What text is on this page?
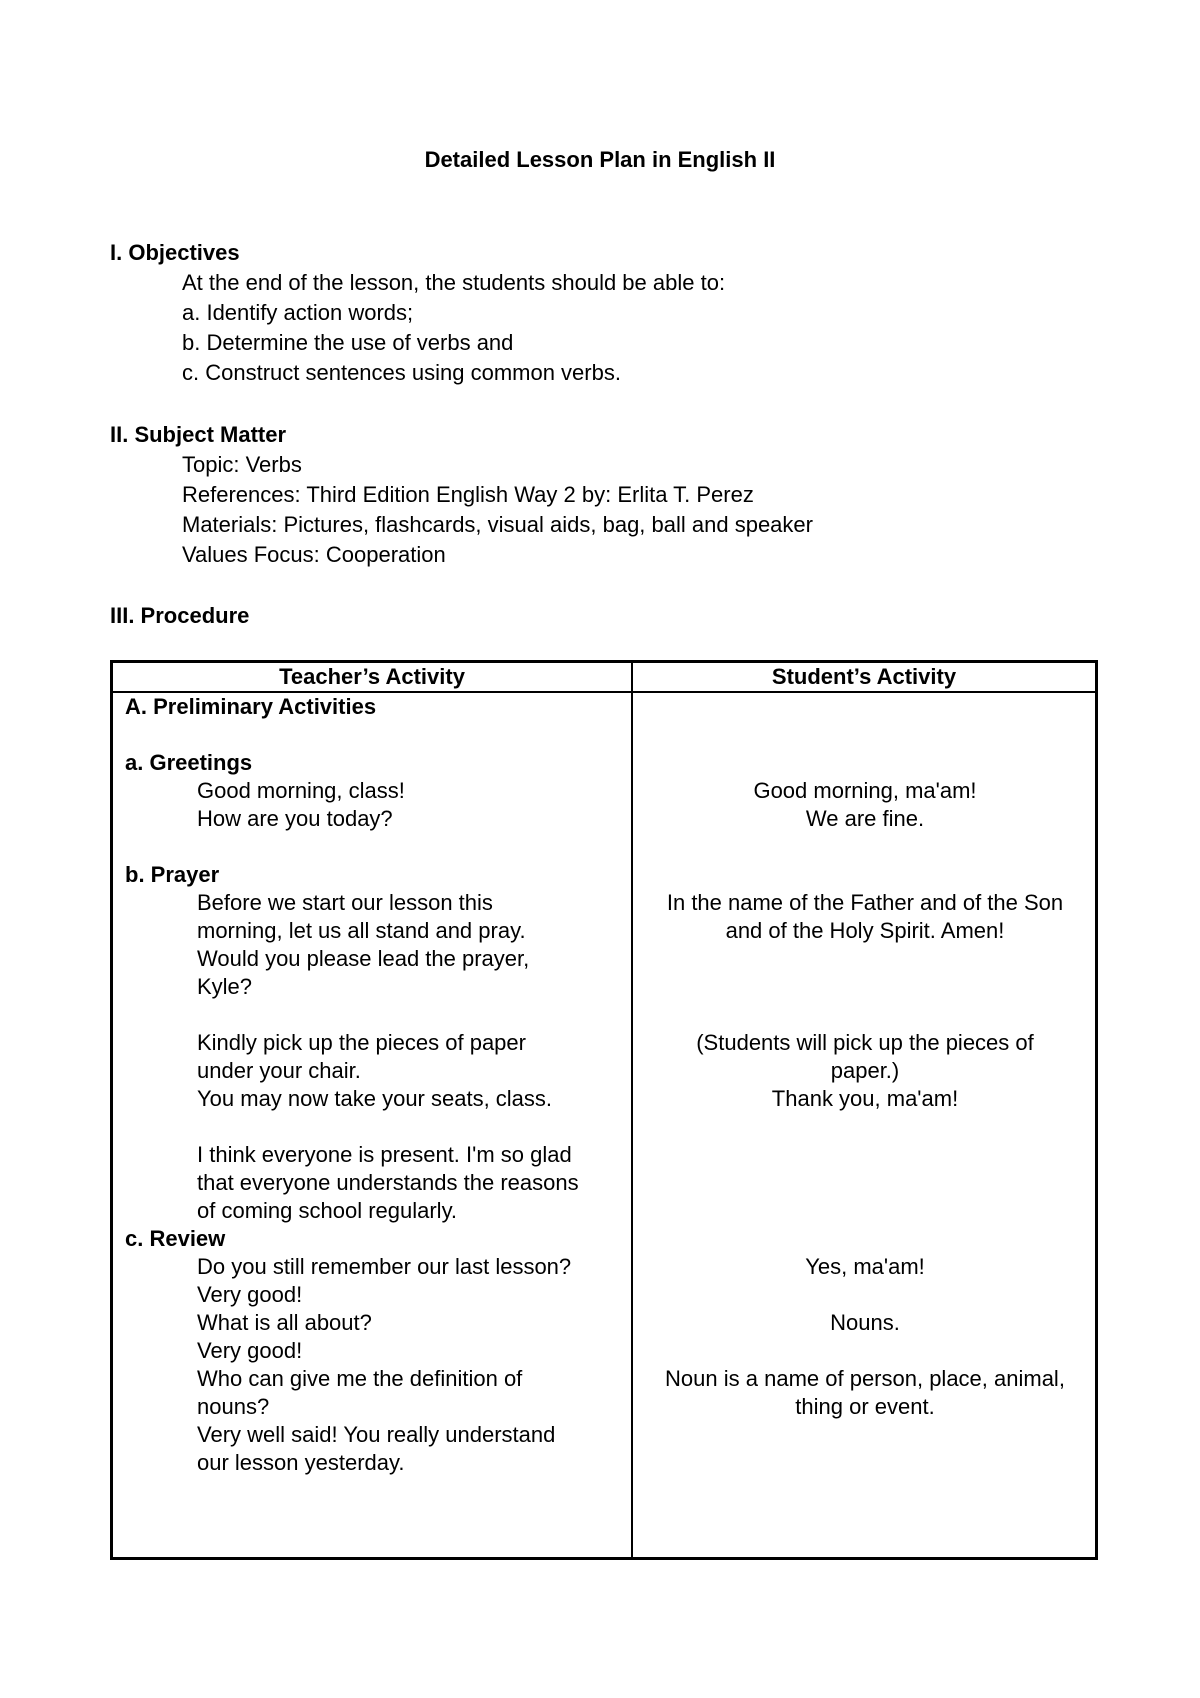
Detailed Lesson Plan in English II
I. Objectives
At the end of the lesson, the students should be able to:
a. Identify action words;
b. Determine the use of verbs and
c. Construct sentences using common verbs.
II. Subject Matter
Topic: Verbs
References: Third Edition English Way 2 by: Erlita T. Perez
Materials: Pictures, flashcards, visual aids, bag, ball and speaker
Values Focus: Cooperation
III. Procedure
Teacher’s Activity	Student’s Activity
A. Preliminary Activities
a. Greetings
Good morning, class!
How are you today?
Good morning, ma'am!
We are fine.
b. Prayer
Before we start our lesson this
morning, let us all stand and pray.
Would you please lead the prayer,
Kyle?
In the name of the Father and of the Son
and of the Holy Spirit. Amen!
Kindly pick up the pieces of paper
under your chair.
(Students will pick up the pieces of
paper.)
You may now take your seats, class.	Thank you, ma'am!
I think everyone is present. I'm so glad
that everyone understands the reasons
of coming school regularly.
c. Review
Do you still remember our last lesson?
Very good!
What is all about?
Very good!
Who can give me the definition of
nouns?
Very well said! You really understand
our lesson yesterday.
Yes, ma'am!
Nouns.
Noun is a name of person, place, animal,
thing or event.
